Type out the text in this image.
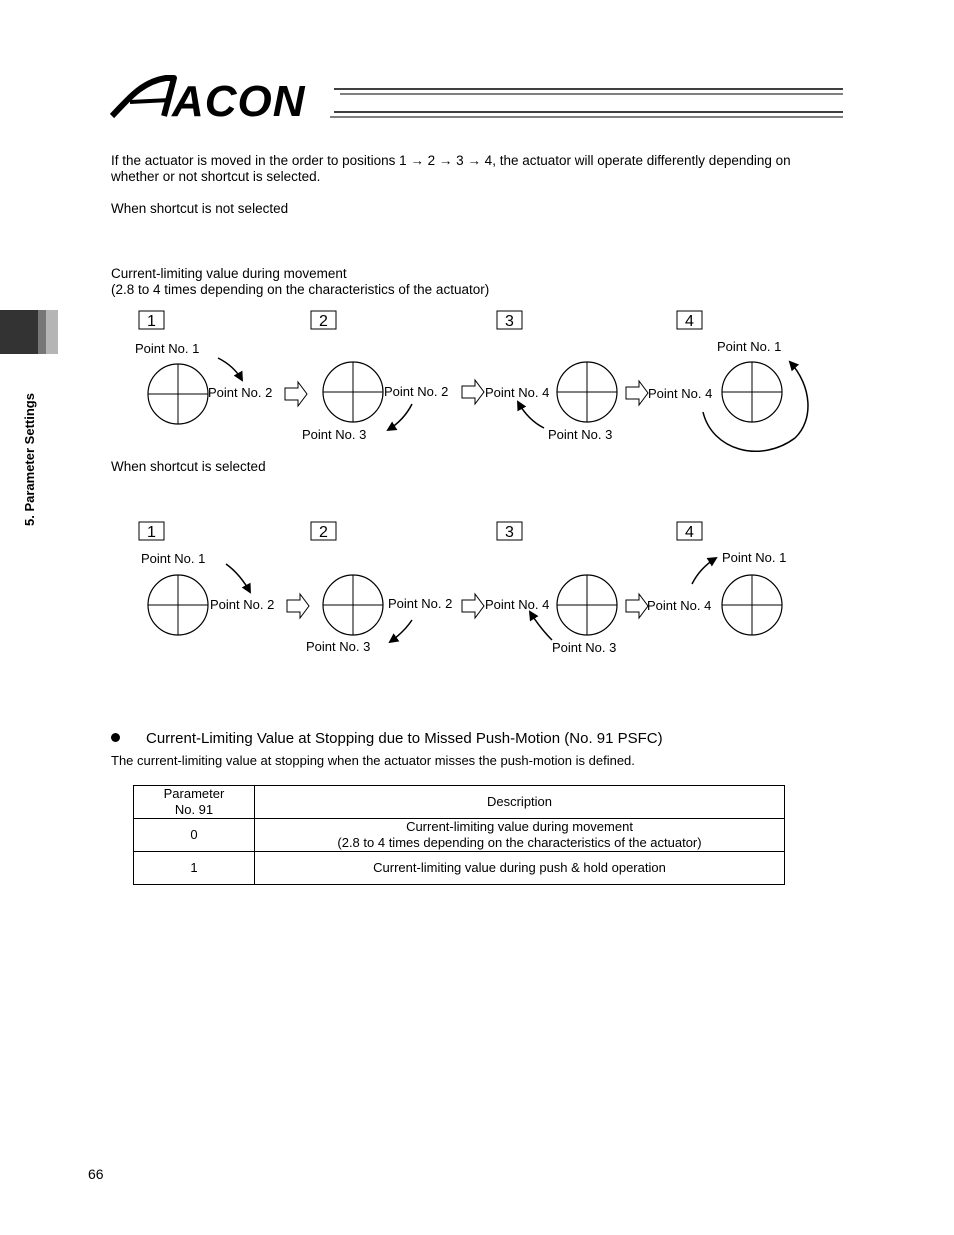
ACON
5. Parameter Settings
If the actuator is moved in the order to positions 1 → 2 → 3 → 4, the actuator will operate differently depending on
whether or not shortcut is selected.
When shortcut is not selected
Current-limiting value during movement
(2.8 to 4 times depending on the characteristics of the actuator)
1	2	3	4
Point No. 1
Point No. 2	Point No. 2
Point No. 3
Point No. 4
Point No. 3
Point No. 4
Point No. 1
When shortcut is selected
1	2	3	4
Point No. 1
Point No. 2	Point No. 2
Point No. 3
Point No. 4
Point No. 3
Point No. 4
Point No. 1
Current-Limiting Value at Stopping due to Missed Push-Motion (No. 91 PSFC)
The current-limiting value at stopping when the actuator misses the push-motion is defined.
Parameter
No. 91	Description
0	Current-limiting value during movement
(2.8 to 4 times depending on the characteristics of the actuator)
1	Current-limiting value during push & hold operation
66
